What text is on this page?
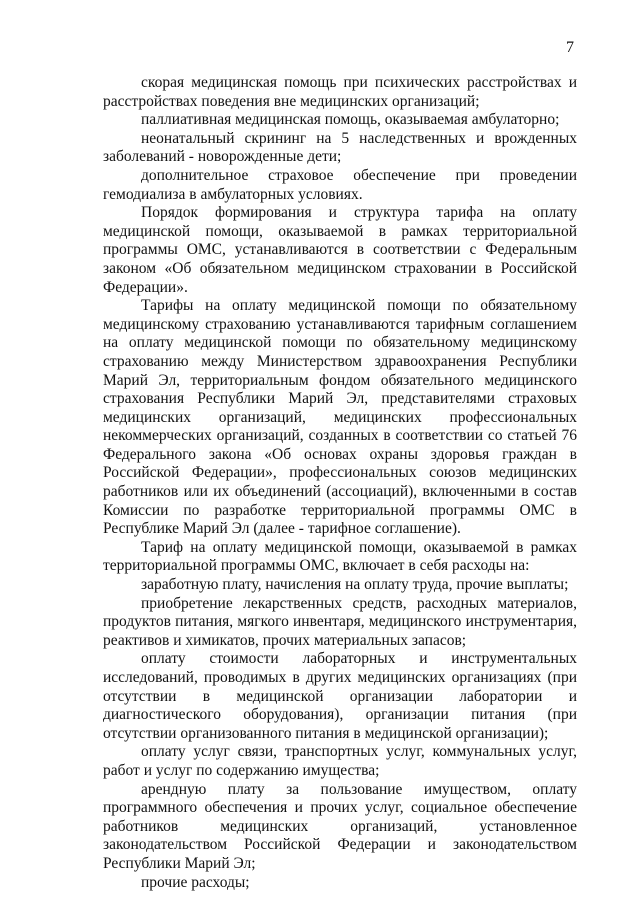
7

скорая медицинская помощь при психических расстройствах и расстройствах поведения вне медицинских организаций;

паллиативная медицинская помощь, оказываемая амбулаторно;

неонатальный скрининг на 5 наследственных и врожденных заболеваний - новорожденные дети;

дополнительное страховое обеспечение при проведении гемодиализа в амбулаторных условиях.

Порядок формирования и структура тарифа на оплату медицинской помощи, оказываемой в рамках территориальной программы ОМС, устанавливаются в соответствии с Федеральным законом «Об обязательном медицинском страховании в Российской Федерации».

Тарифы на оплату медицинской помощи по обязательному медицинскому страхованию устанавливаются тарифным соглашением на оплату медицинской помощи по обязательному медицинскому страхованию между Министерством здравоохранения Республики Марий Эл, территориальным фондом обязательного медицинского страхования Республики Марий Эл, представителями страховых медицинских организаций, медицинских профессиональных некоммерческих организаций, созданных в соответствии со статьей 76 Федерального закона «Об основах охраны здоровья граждан в Российской Федерации», профессиональных союзов медицинских работников или их объединений (ассоциаций), включенными в состав Комиссии по разработке территориальной программы ОМС в Республике Марий Эл (далее - тарифное соглашение).

Тариф на оплату медицинской помощи, оказываемой в рамках территориальной программы ОМС, включает в себя расходы на:

заработную плату, начисления на оплату труда, прочие выплаты;

приобретение лекарственных средств, расходных материалов, продуктов питания, мягкого инвентаря, медицинского инструментария, реактивов и химикатов, прочих материальных запасов;

оплату стоимости лабораторных и инструментальных исследований, проводимых в других медицинских организациях (при отсутствии в медицинской организации лаборатории и диагностического оборудования), организации питания (при отсутствии организованного питания в медицинской организации);

оплату услуг связи, транспортных услуг, коммунальных услуг, работ и услуг по содержанию имущества;

арендную плату за пользование имуществом, оплату программного обеспечения и прочих услуг, социальное обеспечение работников медицинских организаций, установленное законодательством Российской Федерации и законодательством Республики Марий Эл;

прочие расходы;
